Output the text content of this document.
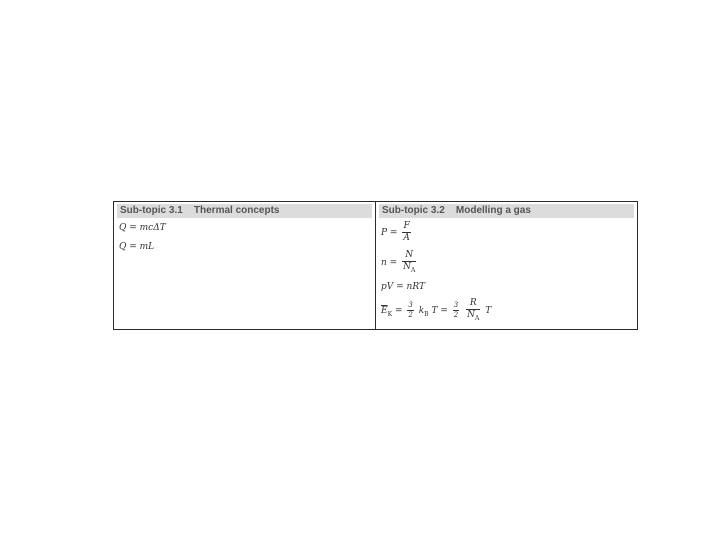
Sub-topic 3.1    Thermal concepts
Q = mcΔT
Q = mL
Sub-topic 3.2    Modelling a gas
$P = \frac{F}{A}$
$n = \frac{N}{N_A}$
pV = nRT
$\overline{E}_K = \frac{3}{2} k_B$ $T = \frac{3}{2}$
$\frac{R}{N_A}$ T
